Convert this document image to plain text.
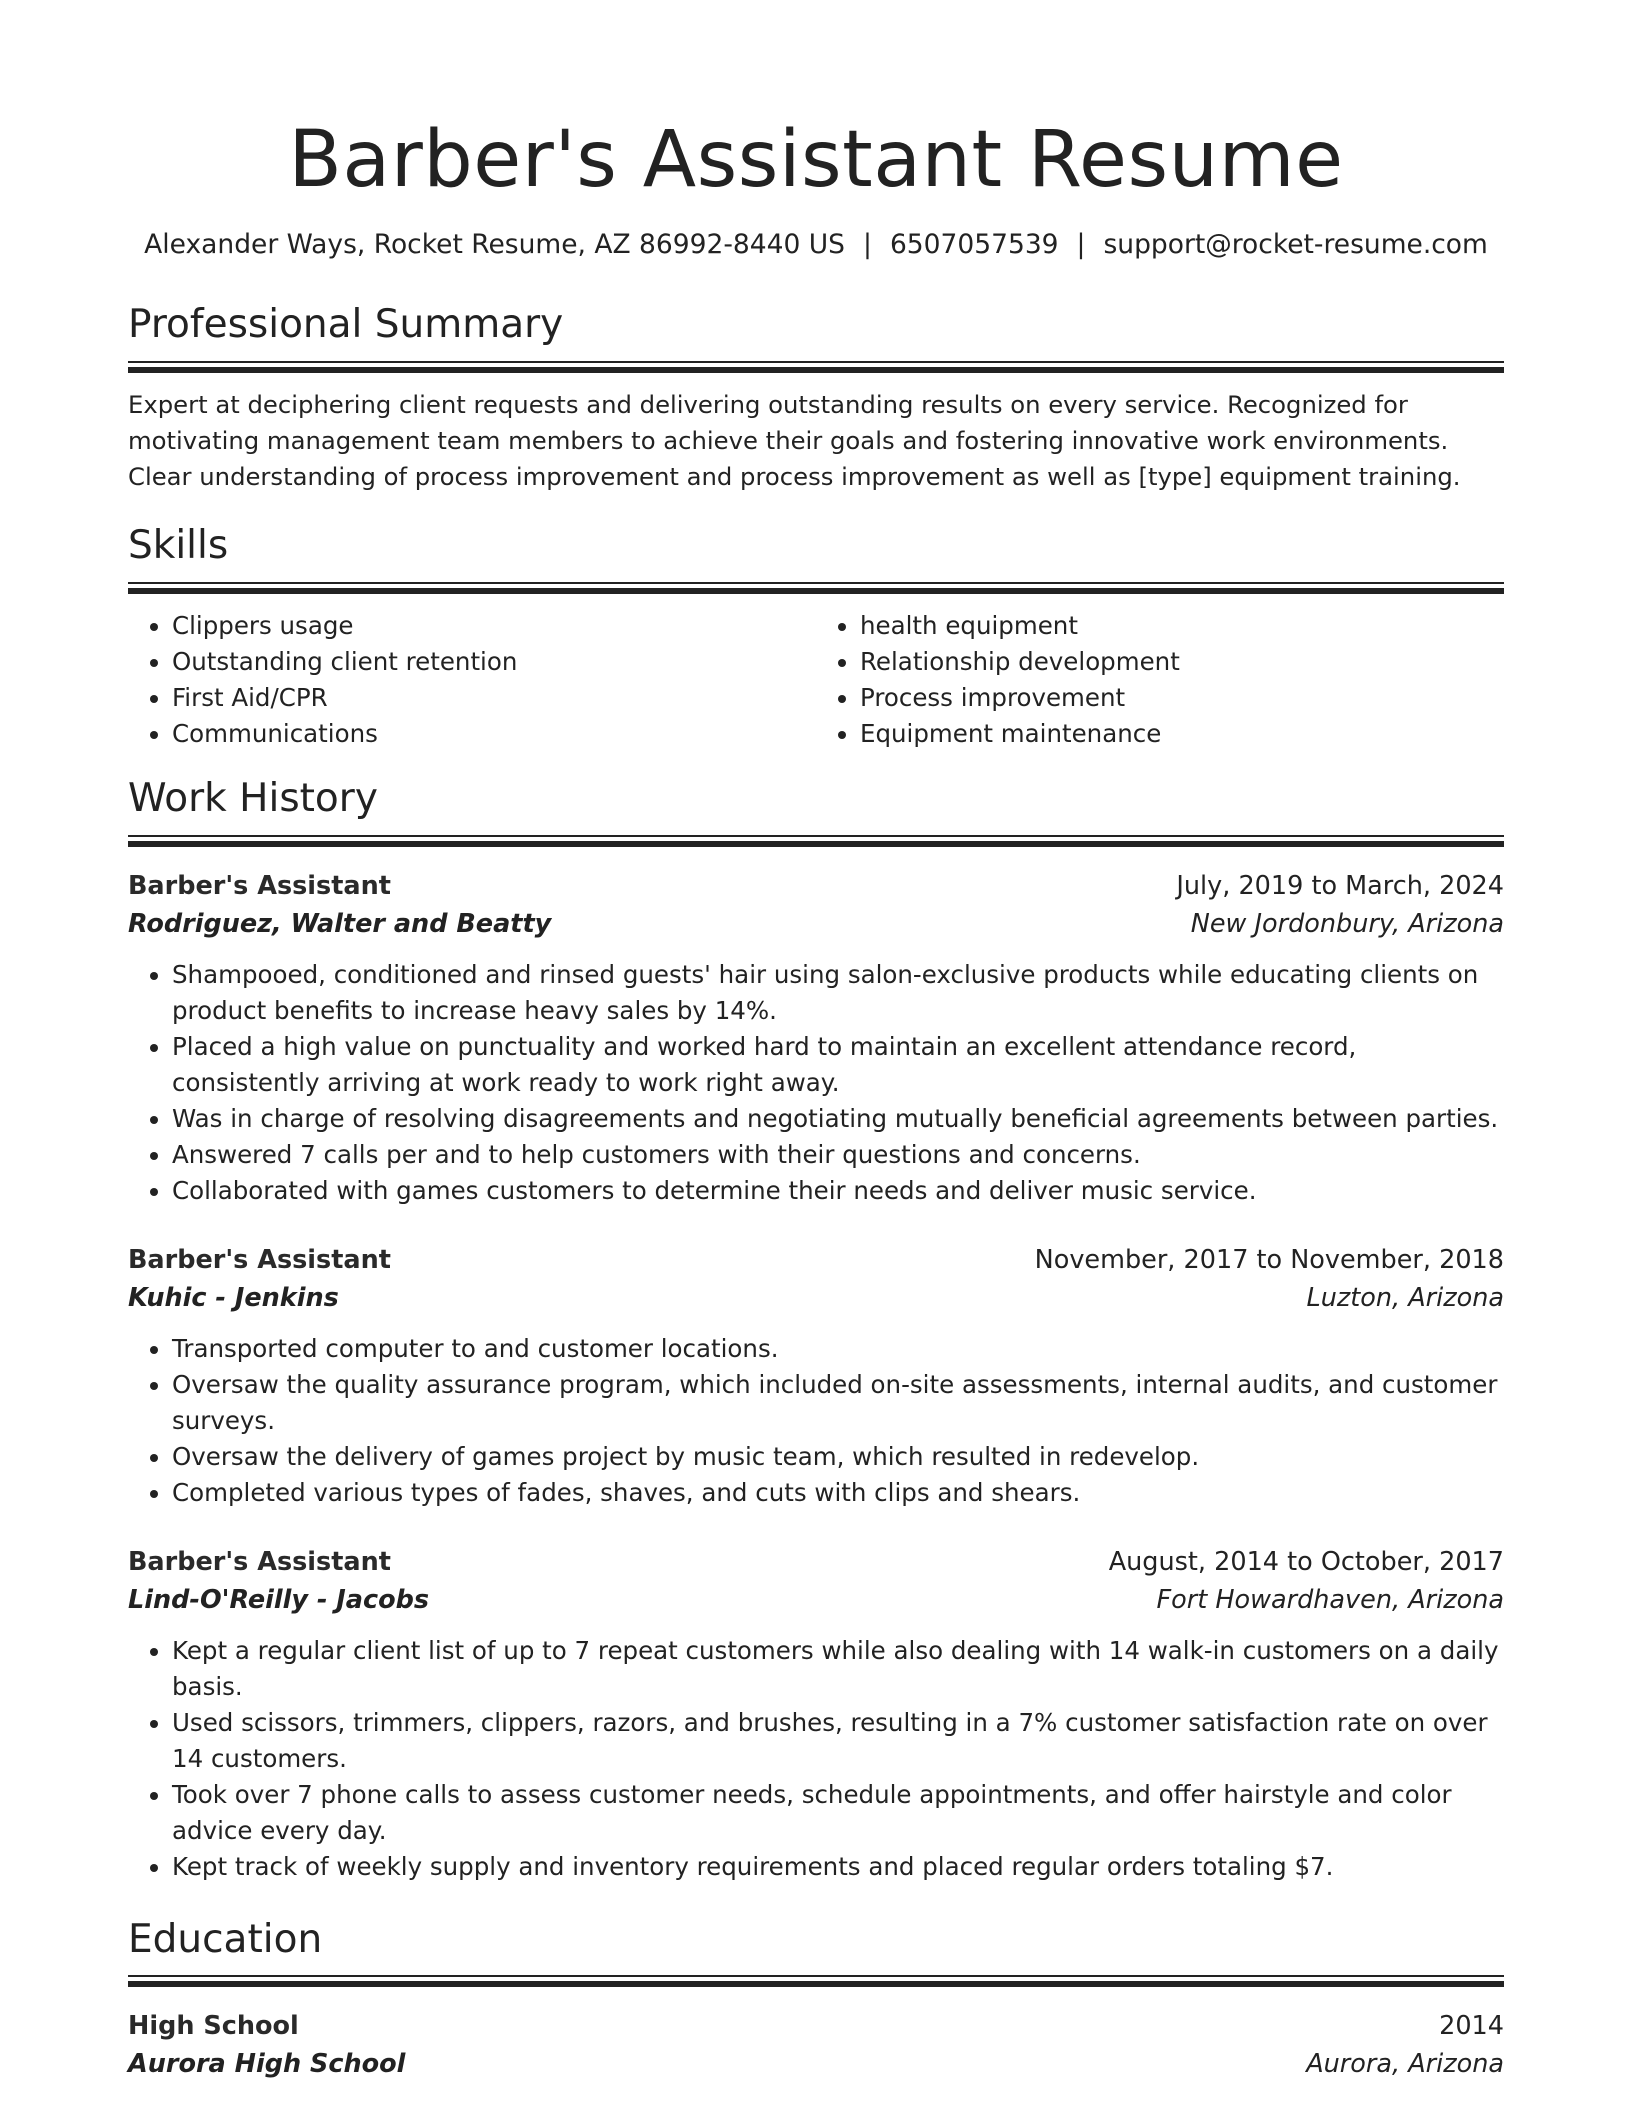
Barber's Assistant Resume
Alexander Ways, Rocket Resume, AZ 86992-8440 US | 6507057539 | support@rocket-resume.com
Professional Summary

Expert at deciphering client requests and delivering outstanding results on every service. Recognized for motivating management team members to achieve their goals and fostering innovative work environments. Clear understanding of process improvement and process improvement as well as [type] equipment training.

Skills
• Clippers usage
• Outstanding client retention
• First Aid/CPR
• Communications
• health equipment
• Relationship development
• Process improvement
• Equipment maintenance
Work History
Barber's Assistant	July, 2019 to March, 2024
Rodriguez, Walter and Beatty	New Jordonbury, Arizona
• Shampooed, conditioned and rinsed guests' hair using salon-exclusive products while educating clients on product benefits to increase heavy sales by 14%.
• Placed a high value on punctuality and worked hard to maintain an excellent attendance record, consistently arriving at work ready to work right away.
• Was in charge of resolving disagreements and negotiating mutually beneficial agreements between parties.
• Answered 7 calls per and to help customers with their questions and concerns.
• Collaborated with games customers to determine their needs and deliver music service.
Barber's Assistant	November, 2017 to November, 2018
Kuhic - Jenkins	Luzton, Arizona
• Transported computer to and customer locations.
• Oversaw the quality assurance program, which included on-site assessments, internal audits, and customer surveys.
• Oversaw the delivery of games project by music team, which resulted in redevelop.
• Completed various types of fades, shaves, and cuts with clips and shears.
Barber's Assistant	August, 2014 to October, 2017
Lind-O'Reilly - Jacobs	Fort Howardhaven, Arizona
• Kept a regular client list of up to 7 repeat customers while also dealing with 14 walk-in customers on a daily basis.
• Used scissors, trimmers, clippers, razors, and brushes, resulting in a 7% customer satisfaction rate on over 14 customers.
• Took over 7 phone calls to assess customer needs, schedule appointments, and offer hairstyle and color advice every day.
• Kept track of weekly supply and inventory requirements and placed regular orders totaling $7.
Education
High School	2014
Aurora High School	Aurora, Arizona
